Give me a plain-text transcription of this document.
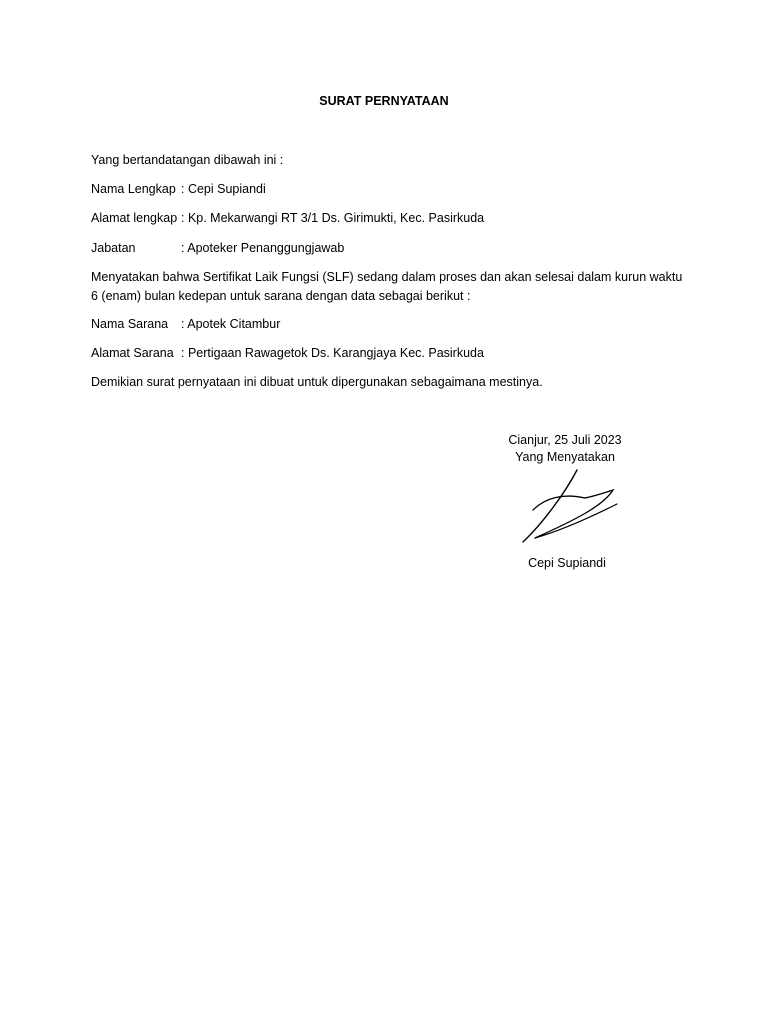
SURAT PERNYATAAN
Yang bertandatangan dibawah ini :
Nama Lengkap : Cepi Supiandi
Alamat lengkap : Kp. Mekarwangi RT 3/1 Ds. Girimukti, Kec. Pasirkuda
Jabatan	: Apoteker Penanggungjawab
Menyatakan bahwa Sertifikat Laik Fungsi (SLF) sedang dalam proses dan akan selesai dalam kurun waktu 6 (enam) bulan kedepan untuk sarana dengan data sebagai berikut :
Nama Sarana : Apotek Citambur
Alamat Sarana : Pertigaan Rawagetok Ds. Karangjaya Kec. Pasirkuda
Demikian surat pernyataan ini dibuat untuk dipergunakan sebagaimana mestinya.
Cianjur, 25 Juli 2023
Yang Menyatakan
Cepi Supiandi
